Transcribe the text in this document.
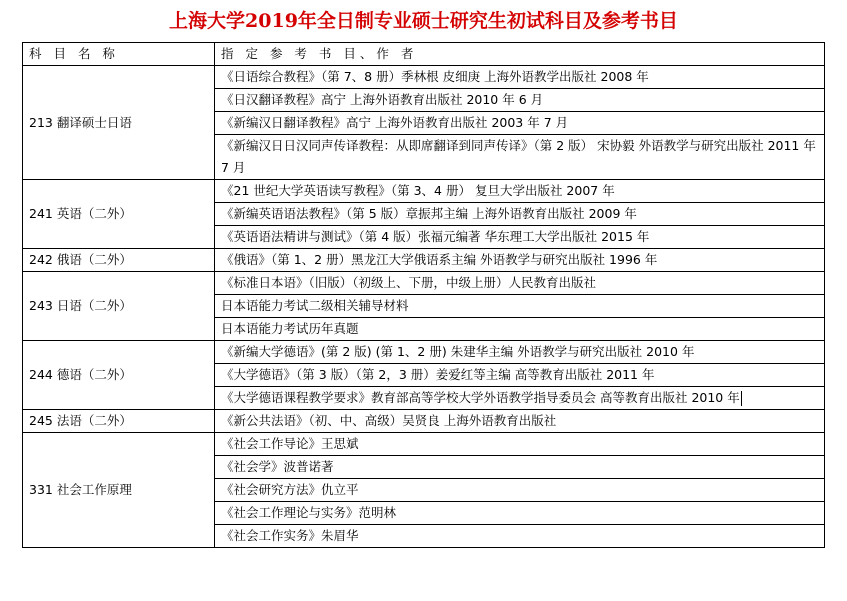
上海大学2019年全日制专业硕士研究生初试科目及参考书目
科 目 名 称	指 定 参 考 书 目、作 者
213 翻译硕士日语	《日语综合教程》（第 7、8 册）季林根 皮细庚 上海外语教学出版社 2008 年
	《日汉翻译教程》高宁 上海外语教育出版社 2010 年 6 月
	《新编汉日翻译教程》高宁 上海外语教育出版社 2003 年 7 月
	《新编汉日日汉同声传译教程：从即席翻译到同声传译》（第 2 版） 宋协毅 外语教学与研究出版社 2011 年 7 月
241 英语（二外）	《21 世纪大学英语读写教程》（第 3、4 册） 复旦大学出版社 2007 年
	《新编英语语法教程》（第 5 版）章振邦主编 上海外语教育出版社 2009 年
	《英语语法精讲与测试》（第 4 版）张福元编著 华东理工大学出版社 2015 年
242 俄语（二外）	《俄语》（第 1、2 册）黑龙江大学俄语系主编 外语教学与研究出版社 1996 年
243 日语（二外）	《标准日本语》（旧版）（初级上、下册，中级上册）人民教育出版社
	日本语能力考试二级相关辅导材料
	日本语能力考试历年真题
244 德语（二外）	《新编大学德语》(第 2 版) (第 1、2 册) 朱建华主编 外语教学与研究出版社 2010 年
	《大学德语》（第 3 版）（第 2，3 册）姜爱红等主编 高等教育出版社 2011 年
	《大学德语课程教学要求》教育部高等学校大学外语教学指导委员会 高等教育出版社 2010 年
245 法语（二外）	《新公共法语》（初、中、高级）吴贤良 上海外语教育出版社
331 社会工作原理	《社会工作导论》王思斌
	《社会学》波普诺著
	《社会研究方法》仇立平
	《社会工作理论与实务》范明林
	《社会工作实务》朱眉华
